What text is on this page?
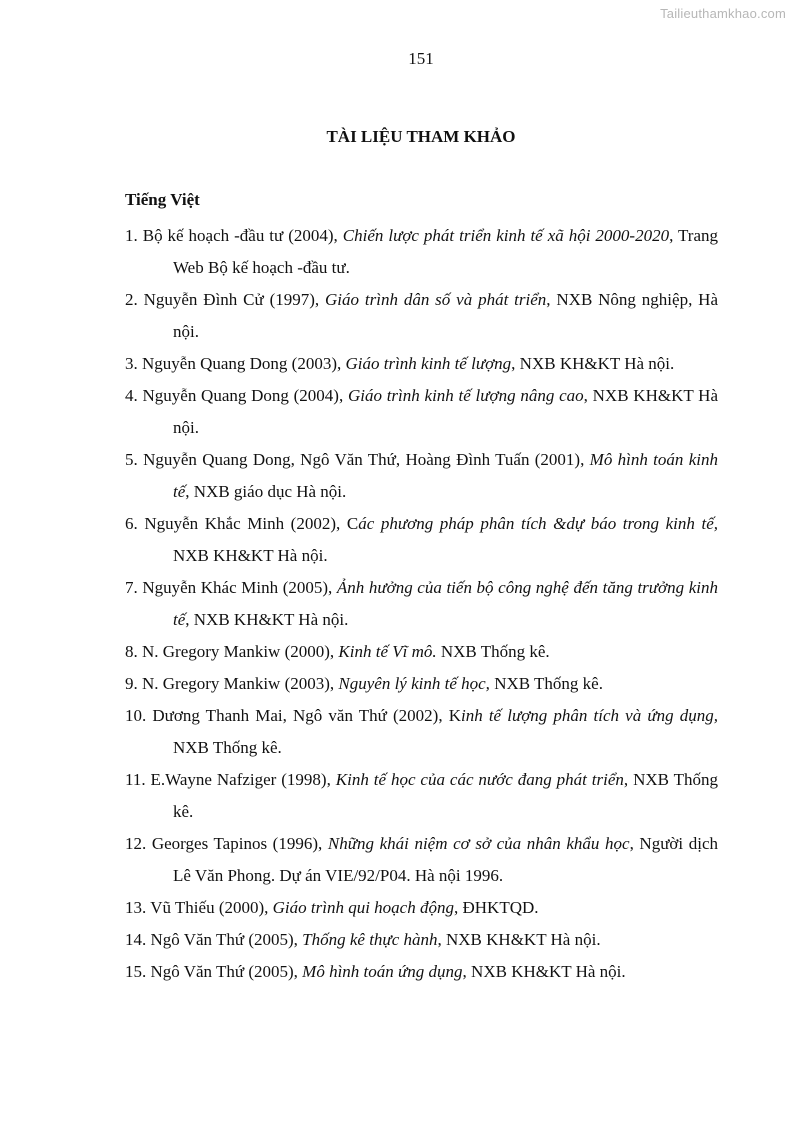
Tailieuthamkhao.com
151
TÀI LIỆU THAM KHẢO
Tiếng Việt
1. Bộ kế hoạch -đầu tư (2004), Chiến lược phát triển kinh tế xã hội 2000-2020, Trang Web Bộ kế hoạch -đầu tư.
2. Nguyễn Đình Cử (1997), Giáo trình dân số và phát triển, NXB Nông nghiệp, Hà nội.
3. Nguyễn Quang Dong (2003), Giáo trình kinh tế lượng, NXB KH&KT Hà nội.
4. Nguyễn Quang Dong (2004), Giáo trình kinh tế lượng nâng cao, NXB KH&KT Hà nội.
5. Nguyễn Quang Dong, Ngô Văn Thứ, Hoàng Đình Tuấn (2001), Mô hình toán kinh tế, NXB giáo dục Hà nội.
6. Nguyễn Khắc Minh (2002), Các phương pháp phân tích &dự báo trong kinh tế, NXB KH&KT Hà nội.
7. Nguyễn Khác Minh (2005), Ảnh hưởng của tiến bộ công nghệ đến tăng trưởng kinh tế, NXB KH&KT Hà nội.
8. N. Gregory Mankiw (2000), Kinh tế Vĩ mô. NXB Thống kê.
9. N. Gregory Mankiw (2003), Nguyên lý kinh tế học, NXB Thống kê.
10. Dương Thanh Mai, Ngô văn Thứ (2002), Kinh tế lượng phân tích và ứng dụng, NXB Thống kê.
11. E.Wayne Nafziger (1998), Kinh tế học của các nước đang phát triển, NXB Thống kê.
12. Georges Tapinos (1996), Những khái niệm cơ sở của nhân khẩu học, Người dịch Lê Văn Phong. Dự án VIE/92/P04. Hà nội 1996.
13. Vũ Thiếu (2000), Giáo trình qui hoạch động, ĐHKTQD.
14. Ngô Văn Thứ (2005), Thống kê thực hành, NXB KH&KT Hà nội.
15. Ngô Văn Thứ (2005), Mô hình toán ứng dụng, NXB KH&KT Hà nội.
